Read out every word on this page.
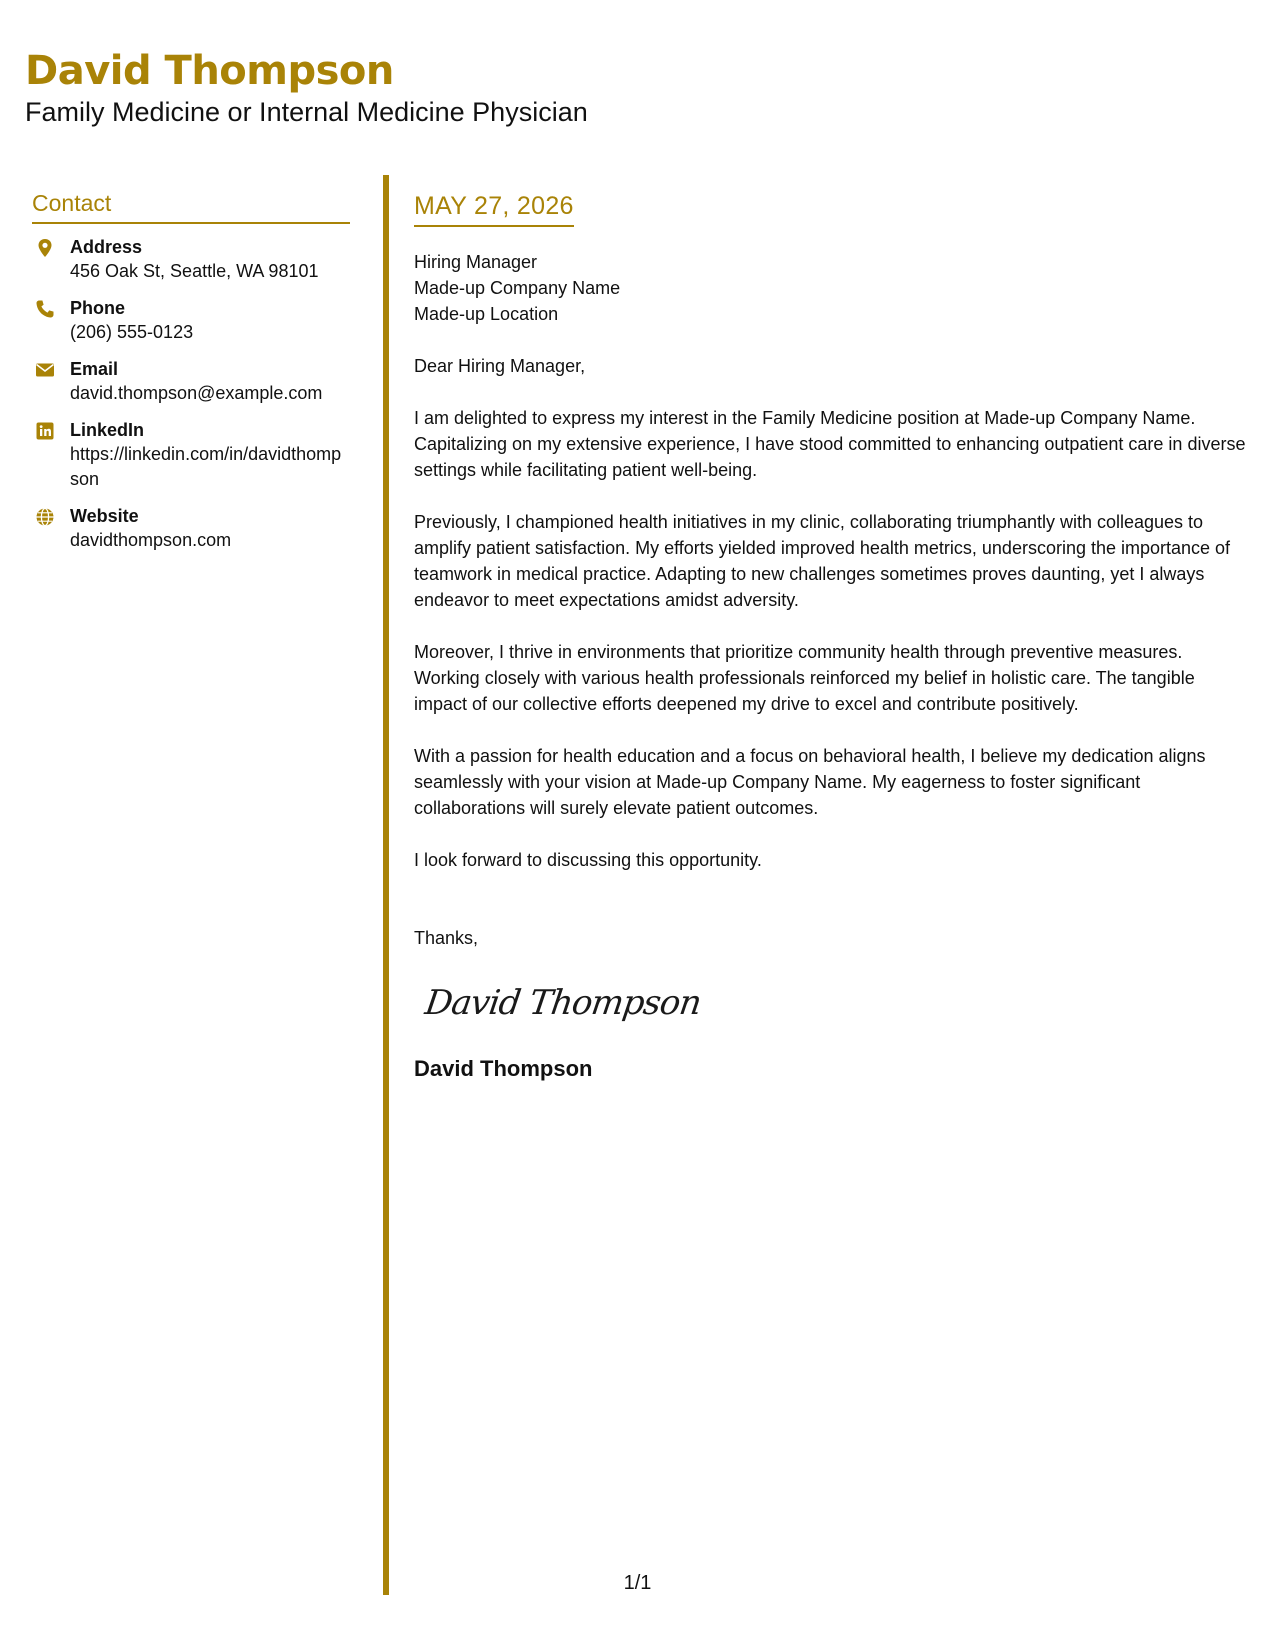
David Thompson
Family Medicine or Internal Medicine Physician
Contact
Address
456 Oak St, Seattle, WA 98101
Phone
(206) 555-0123
Email
david.thompson@example.com
LinkedIn
https://linkedin.com/in/davidthompson
Website
davidthompson.com
MAY 27, 2026
Hiring Manager
Made-up Company Name
Made-up Location
Dear Hiring Manager,
I am delighted to express my interest in the Family Medicine position at Made-up Company Name. Capitalizing on my extensive experience, I have stood committed to enhancing outpatient care in diverse settings while facilitating patient well-being.
Previously, I championed health initiatives in my clinic, collaborating triumphantly with colleagues to amplify patient satisfaction. My efforts yielded improved health metrics, underscoring the importance of teamwork in medical practice. Adapting to new challenges sometimes proves daunting, yet I always endeavor to meet expectations amidst adversity.
Moreover, I thrive in environments that prioritize community health through preventive measures. Working closely with various health professionals reinforced my belief in holistic care. The tangible impact of our collective efforts deepened my drive to excel and contribute positively.
With a passion for health education and a focus on behavioral health, I believe my dedication aligns seamlessly with your vision at Made-up Company Name. My eagerness to foster significant collaborations will surely elevate patient outcomes.
I look forward to discussing this opportunity.
Thanks,
David Thompson
David Thompson
1/1
